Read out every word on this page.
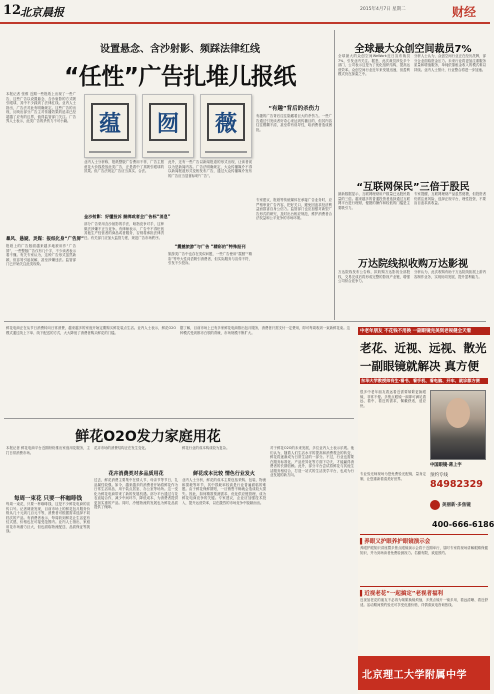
12
北京晨报	2015年4月7日 星期二	财经
设置悬念、含沙射影、频踩法律红线
“任性”广告扎堆儿报纸
本报记者 张维 近期一些报纸上出现了一些广告，这些广告以设置悬念、含沙射影的方式吸引眼球，其中不少踩到了法律红线。业内人士指出，广告法对此有明确规定。这些广告的出现，反映出部分广告主对传播效果的追求已经超越了应有的边界，值得监管部门关注。广告界人士表示，此类广告的杀伤力不可小觑。
暴风、悬疑、灵媒：报纸化身“广告屏”
报纸上的广告版面越来越多地被用作“广告屏”，一些整版广告仅有几个字，不少读者表示看不懂。有关专家认为，这种广告形式虽然新颖，但容易引起误解，甚至涉嫌违法。监管部门已开始关注此类现象。
蕴 囫 薇
“有趣”背后的杀伤力
有趣的广告背后往往隐藏着巨大的杀伤力。一些广告通过引发读者好奇心来达到传播目的，但其内容往往模糊不清，甚至带有误导性，给消费者造成困扰。
业内人士分析称，报纸整版广告费用不菲，广告主愿意花大价钱投放此类广告，正是看中了其吸引眼球的效果。但广告法规定广告应当真实、合法。
金沙射影：好懂投诉 捆绑或者全广告标“消息”
部分广告采用含沙射影的手法，暗指竞争对手，这种做法涉嫌不正当竞争。有律师表示，广告中不得贬低其他生产经营者的商品或者服务，否则将承担法律责任。有关部门应加大监管力度，规范广告市场秩序。
此外，还有一些广告以新闻报道的形式出现，让读者误以为是新闻内容。广告法明确规定，大众传播媒介不得以新闻报道形式变相发布广告，通过大众传播媒介发布的广告应当显著标明“广告”。
“震撼旅游”与广告 “精彩的”特殊报刊
旅游类广告中也存在类似问题，一些广告使用“震撼”“精彩”等夸大性词语吸引消费者，但实际服务与宣传不符，引发不少投诉。
专家建议，报纸等传统媒体在承接广告业务时，应严格审查广告内容，把好关口，避免因追求经济利益而损害自身公信力。监管部门也应加强对新型广告形式的研究，及时出台相应规范，维护消费者合法权益和公平竞争的市场环境。
全球最大众创空间裁员7%
全球最大的众创空间WeWork近日宣布裁员7%，引发业内关注。据悉，此次裁员涉及多个部门，公司表示这是为了优化组织结构，提高运营效率。众创空间行业近年来发展迅速，但盈利模式仍在探索之中。
分析人士认为，众创空间行业正在经历洗牌，部分企业面临资金压力。未来行业将更加注重服务质量和增值服务，单纯依靠租金收入的模式难以持续。业内人士预计，行业整合将进一步加速。
“互联网保民”三倍于股民
最新数据显示，互联网理财用户数量已达股民数量的三倍。越来越多的普通投资者选择通过互联网平台进行理财，便捷的操作和较低的门槛是主要吸引力。
专家提醒，互联网理财产品虽然便捷，但投资者仍需注意风险，选择正规平台，理性投资，不要盲目追求高收益。
万达院线拟收购万达影视
万达院线发布公告称，拟收购万达影视全部股权，交易完成后将形成完整的影视产业链，增强公司综合竞争力。
分析认为，此次收购有助于万达院线拓展上游内容制作业务，实现协同发展，提升盈利能力。
鲜花电商正在从节日消费转向日常消费，越来越多的家庭开始定期购买鲜花装点生活。业内人士表示，鲜花O2O模式通过线上下单、线下配送的方式，大大降低了消费者购买鲜花的门槛。
据了解，目前市场上已有多家鲜花电商推出包月服务，消费者只需支付一定费用，即可每周收到一束新鲜花束。这种模式受到都市白领的青睐，市场规模不断扩大。
鲜花O2O发力家庭用花
本报记者 鲜花电商平台近期纷纷推出家庭用花服务，主打日常消费市场。
每周一束花 只要一杯咖啡钱
每周一束花，只要一杯咖啡钱，这是不少鲜花电商的宣传口号。记者调查发现，目前市场上的鲜花包月服务价格从几十元到几百元不等，消费者可根据需求选择不同档次的产品。有消费者表示，每周收到鲜花让生活更有仪式感，价格也在可接受范围内。业内人士指出，家庭用花市场潜力巨大，但也面临物流配送、品质保证等挑战。
花卉市场的消费结构正在发生变化。
花卉消费类对多品质用花
过去，鲜花消费主要集中在情人节、母亲节等节日，礼品属性较强。如今，越来越多的消费者开始将鲜花作为日常生活用品，用于装点居室、办公室等场所。这一变化为鲜花电商带来了新的发展机遇。部分平台通过与花农直接合作，减少中间环节，降低成本，为消费者提供更加实惠的产品。同时，冷链物流的发展也为鲜花品质提供了保障。
鲜花行业的成本构成较为复杂。
鲜花成本比较 情色行业发火
业内人士分析，鲜花的成本主要包括采购、包装、物流和损耗等环节，其中损耗率较高是行业普遍面临的难题。由于鲜花保鲜期短，一旦销售不畅就会造成较大损失。因此，如何精准预测需求、优化供应链管理，成为鲜花电商竞争的关键。专家建议，企业应加强技术投入，提升运营效率，以在激烈的市场竞争中脱颖而出。
对于鲜花O2O的未来发展，多位业内人士表示乐观。他们认为，随着人们生活水平的提高和消费观念的转变，鲜花将逐渐成为日常生活的一部分。不过，行业也需要在服务标准化、产品差异化等方面下功夫，才能赢得消费者的长期信赖。此外，部分平台尝试将鲜花与其他生活服务相结合，打造一站式的生活美学平台，也成为行业发展的新方向。
中老年朋友 不花钱不用换 一副眼镜完美到老视健全天看
老花、近视、远视、散光
一副眼镜就解决 真方便
东华大学教授帅有生·看书、看手机、看电脑、开车、就诊都方便
很多中老年朋友看远看近需要频繁更换眼镜，非常不便。多焦点眼镜一副即可满足看远、看中、看近的需求，佩戴舒适，适应快。
中国眼镜·蒋上宇
专业验光师现场为您免费验光配镜，量身定制，让您重新看清美好世界。
预约专线
84982329
美丽新·多焦镜
400-666-6186
▌养眼又护眼养护眼镜演示会
养眼护眼知识讲座暨多焦点眼镜演示会将于近期举行，届时专家将现场讲解眼睛保健知识，并为到场读者免费检测视力。名额有限，欢迎预约。
▌近视老花“一起搞定”老视者福利
近视加老花的朋友不必再为频繁换镜烦恼，多焦点镜片一镜多用，看远清晰、看近舒适。活动期间预约验光可享受优惠价格，详情请致电咨询热线。
北京理工大学附属中学
